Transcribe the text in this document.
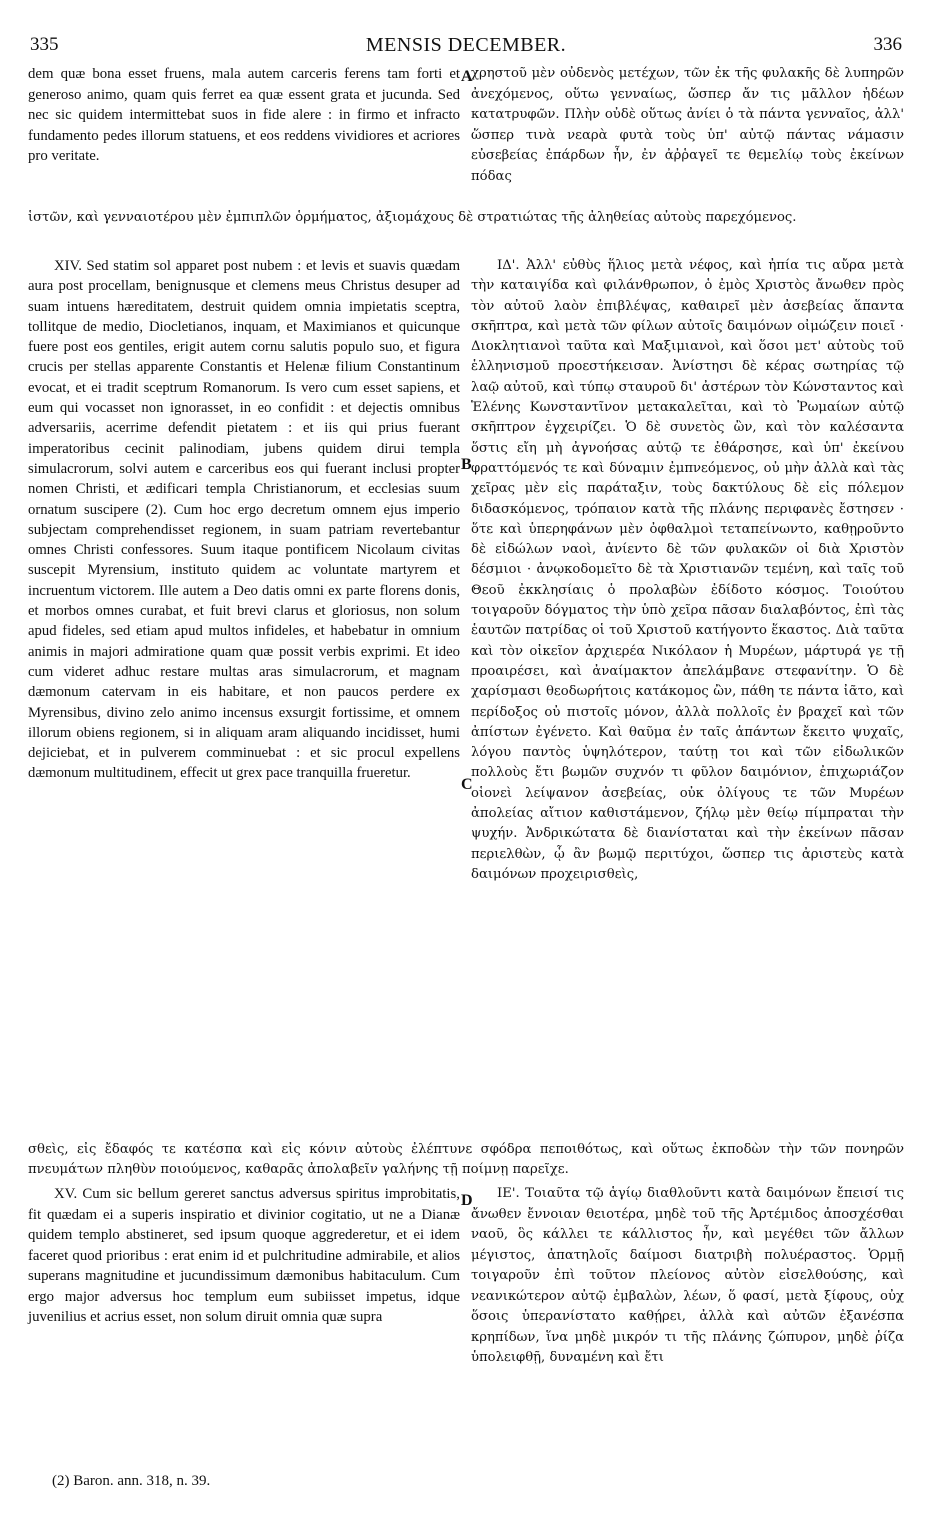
335	MENSIS DECEMBER.	336

dem quæ bona esset fruens, mala autem carceris ferens tam forti et generoso animo, quam quis ferret ea quæ essent grata et jucunda. Sed nec sic quidem intermittebat suos in fide alere : in firmo et infracto fundamento pedes illorum statuens, et eos reddens vividiores et acriores pro veritate.

χρηστοῦ μὲν οὐδενὸς μετέχων, τῶν ἐκ τῆς φυλακῆς δὲ λυπηρῶν ἀνεχόμενος, οὕτω γενναίως, ὥσπερ ἄν τις μᾶλλον ἡδέων κατατρυφῶν. Πλὴν οὐδὲ οὕτως ἀνίει ὁ τὰ πάντα γενναῖος, ἀλλ' ὥσπερ τινὰ νεαρὰ φυτὰ τοὺς ὑπ' αὐτῷ πάντας νάμασιν εὐσεβείας ἐπάρδων ἦν, ἐν ἀῤῥαγεῖ τε θεμελίῳ τοὺς ἐκείνων πόδας

A

ἱστῶν, καὶ γενναιοτέρου μὲν ἐμπιπλῶν ὁρμήματος, ἀξιομάχους δὲ στρατιώτας τῆς ἀληθείας αὐτοὺς παρεχόμενος.

XIV. Sed statim sol apparet post nubem : et levis et suavis quædam aura post procellam, benignusque et clemens meus Christus desuper ad suam intuens hæreditatem, destruit quidem omnia impietatis sceptra, tollitque de medio, Diocletianos, inquam, et Maximianos et quicunque fuere post eos gentiles, erigit autem cornu salutis populo suo, et figura crucis per stellas apparente Constantis et Helenæ filium Constantinum evocat, et ei tradit sceptrum Romanorum. Is vero cum esset sapiens, et eum qui vocasset non ignorasset, in eo confidit : et dejectis omnibus adversariis, acerrime defendit pietatem : et iis qui prius fuerant imperatoribus cecinit palinodiam, jubens quidem dirui templa simulacrorum, solvi autem e carceribus eos qui fuerant inclusi propter nomen Christi, et ædificari templa Christianorum, et ecclesias suum ornatum suscipere (2). Cum hoc ergo decretum omnem ejus imperio subjectam comprehendisset regionem, in suam patriam revertebantur omnes Christi confessores. Suum itaque pontificem Nicolaum civitas suscepit Myrensium, instituto quidem ac voluntate martyrem et incruentum victorem. Ille autem a Deo datis omni ex parte florens donis, et morbos omnes curabat, et fuit brevi clarus et gloriosus, non solum apud fideles, sed etiam apud multos infideles, et habebatur in omnium animis in majori admiratione quam quæ possit verbis exprimi. Et ideo cum videret adhuc restare multas aras simulacrorum, et magnam dæmonum catervam in eis habitare, et non paucos perdere ex Myrensibus, divino zelo animo incensus exsurgit fortissime, et omnem illorum obiens regionem, si in aliquam aram aliquando incidisset, humi dejiciebat, et in pulverem comminuebat : et sic procul expellens dæmonum multitudinem, effecit ut grex pace tranquilla frueretur.

ΙΔ'. Ἀλλ' εὐθὺς ἥλιος μετὰ νέφος, καὶ ἠπία τις αὔρα μετὰ τὴν καταιγίδα καὶ φιλάνθρωπον, ὁ ἐμὸς Χριστὸς ἄνωθεν πρὸς τὸν αὐτοῦ λαὸν ἐπιβλέψας, καθαιρεῖ μὲν ἀσεβείας ἅπαντα σκῆπτρα, καὶ μετὰ τῶν φίλων αὐτοῖς δαιμόνων οἰμώζειν ποιεῖ · Διοκλητιανοὶ ταῦτα καὶ Μαξιμιανοὶ, καὶ ὅσοι μετ' αὐτοὺς τοῦ ἑλληνισμοῦ προεστήκεισαν. Ἀνίστησι δὲ κέρας σωτηρίας τῷ λαῷ αὐτοῦ, καὶ τύπῳ σταυροῦ δι' ἀστέρων τὸν Κώνσταντος καὶ Ἑλένης Κωνσταντῖνον μετακαλεῖται, καὶ τὸ Ῥωμαίων αὐτῷ σκῆπτρον ἐγχειρίζει. Ὁ δὲ συνετὸς ὢν, καὶ τὸν καλέσαντα ὅστις εἴη μὴ ἀγνοήσας αὐτῷ τε ἐθάρσησε, καὶ ὑπ' ἐκείνου φραττόμενός τε καὶ δύναμιν ἐμπνεόμενος, οὐ μὴν ἀλλὰ καὶ τὰς χεῖρας μὲν εἰς παράταξιν, τοὺς δακτύλους δὲ εἰς πόλεμον διδασκόμενος, τρόπαιον κατὰ τῆς πλάνης περιφανὲς ἔστησεν · ὅτε καὶ ὑπερηφάνων μὲν ὀφθαλμοὶ τεταπείνωντο, καθῃροῦντο δὲ εἰδώλων ναοὶ, ἀνίεντο δὲ τῶν φυλακῶν οἱ διὰ Χριστὸν δέσμιοι · ἀνῳκοδομεῖτο δὲ τὰ Χριστιανῶν τεμένη, καὶ ταῖς τοῦ Θεοῦ ἐκκλησίαις ὁ προλαβὼν ἐδίδοτο κόσμος. Τοιούτου τοιγαροῦν δόγματος τὴν ὑπὸ χεῖρα πᾶσαν διαλαβόντος, ἐπὶ τὰς ἑαυτῶν πατρίδας οἱ τοῦ Χριστοῦ κατήγοντο ἕκαστος. Διὰ ταῦτα καὶ τὸν οἰκεῖον ἀρχιερέα Νικόλαον ἡ Μυρέων, μάρτυρά γε τῇ προαιρέσει, καὶ ἀναίμακτον ἀπελάμβανε στεφανίτην. Ὁ δὲ χαρίσμασι θεοδωρήτοις κατάκομος ὢν, πάθη τε πάντα ἰᾶτο, καὶ περίδοξος οὐ πιστοῖς μόνον, ἀλλὰ πολλοῖς ἐν βραχεῖ καὶ τῶν ἀπίστων ἐγένετο. Καὶ θαῦμα ἐν ταῖς ἁπάντων ἔκειτο ψυχαῖς, λόγου παντὸς ὑψηλότερον, ταύτῃ τοι καὶ τῶν εἰδωλικῶν πολλοὺς ἔτι βωμῶν συχνόν τι φῦλον δαιμόνιον, ἐπιχωριάζον οἱονεὶ λείψανον ἀσεβείας, οὐκ ὀλίγους τε τῶν Μυρέων ἀπολείας αἴτιον καθιστάμενον, ζήλῳ μὲν θείῳ πίμπραται τὴν ψυχήν. Ἀνδρικώτατα δὲ διανίσταται καὶ τὴν ἐκείνων πᾶσαν περιελθὼν, ᾧ ἂν βωμῷ περιτύχοι, ὥσπερ τις ἀριστεὺς κατὰ δαιμόνων προχειρισθεὶς,

B
C

σθεὶς, εἰς ἔδαφός τε κατέσπα καὶ εἰς κόνιν αὐτοὺς ἐλέπτυνε σφόδρα πεποιθότως, καὶ οὕτως ἐκποδὼν τὴν τῶν πονηρῶν πνευμάτων πληθὺν ποιούμενος, καθαρᾶς ἀπολαβεῖν γαλήνης τῇ ποίμνῃ παρεῖχε.

XV. Cum sic bellum gereret sanctus adversus spiritus improbitatis, fit quædam ei a superis inspiratio et divinior cogitatio, ut ne a Dianæ quidem templo abstineret, sed ipsum quoque aggrederetur, et ei idem faceret quod prioribus : erat enim id et pulchritudine admirabile, et alios superans magnitudine et jucundissimum dæmonibus habitaculum. Cum ergo major adversus hoc templum eum subiisset impetus, idque juvenilius et acrius esset, non solum diruit omnia quæ supra

ΙΕ'. Τοιαῦτα τῷ ἁγίῳ διαθλοῦντι κατὰ δαιμόνων ἔπεισί τις ἄνωθεν ἔννοιαν θειοτέρα, μηδὲ τοῦ τῆς Ἀρτέμιδος ἀποσχέσθαι ναοῦ, ὃς κάλλει τε κάλλιστος ἦν, καὶ μεγέθει τῶν ἄλλων μέγιστος, ἀπατηλοῖς δαίμοσι διατριβὴ πολυέραστος. Ὁρμῇ τοιγαροῦν ἐπὶ τοῦτον πλείονος αὐτὸν εἰσελθούσης, καὶ νεανικώτερον αὐτῷ ἐμβαλὼν, λέων, ὅ φασί, μετὰ ξίφους, οὐχ ὅσοις ὑπερανίστατο καθῄρει, ἀλλὰ καὶ αὐτῶν ἐξανέσπα κρηπίδων, ἵνα μηδὲ μικρόν τι τῆς πλάνης ζώπυρον, μηδὲ ῥίζα ὑπολειφθῇ, δυναμένη καὶ ἔτι

D
(2) Baron. ann. 318, n. 39.
